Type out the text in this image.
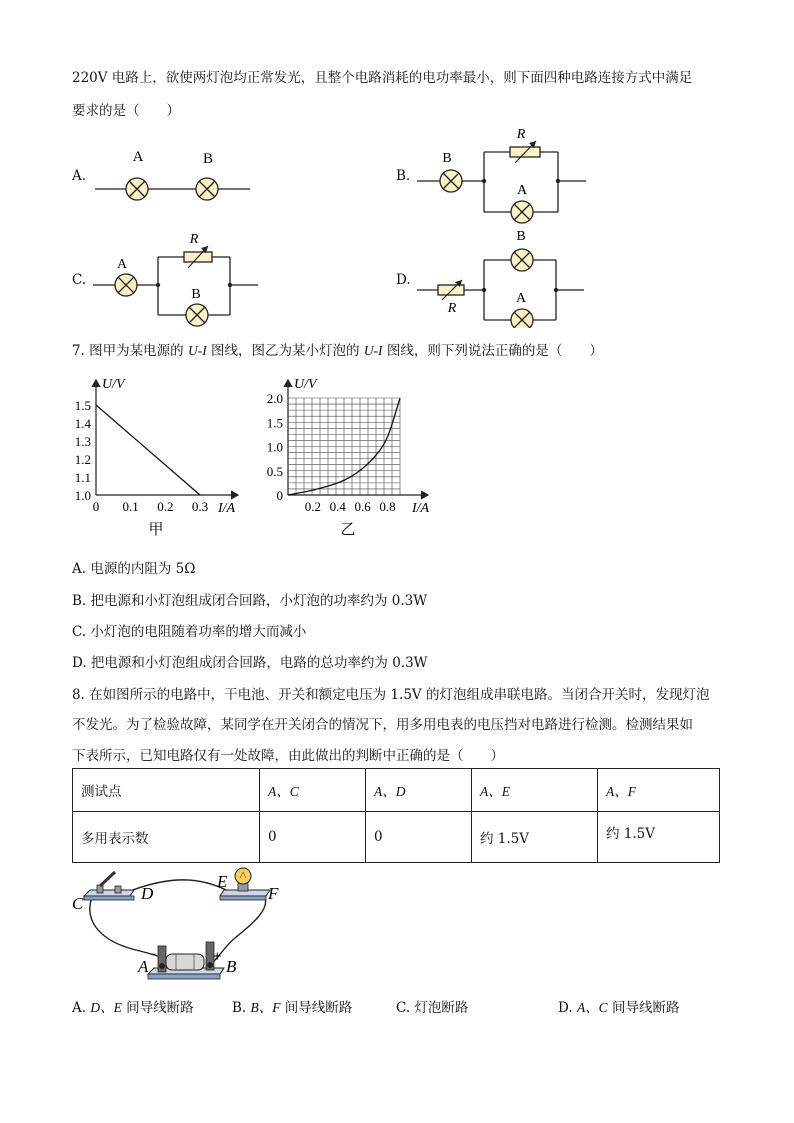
220V 电路上，欲使两灯泡均正常发光，且整个电路消耗的电功率最小，则下面四种电路连接方式中满足
要求的是（　　）
A.
A	B
B.
B
R
A
C.
A
R
B
D.
R
B
A
7. 图甲为某电源的 U-I 图线，图乙为某小灯泡的 U-I 图线，则下列说法正确的是（　　）
1.5
1.4
1.3
1.2
1.1
1.0
0 0.1 0.2 0.3
U/V
I/A
甲
2.0
1.5
1.0
0.5
0
0.2 0.4 0.6 0.8
U/V
I/A
乙
A. 电源的内阻为 5Ω
B. 把电源和小灯泡组成闭合回路，小灯泡的功率约为 0.3W
C. 小灯泡的电阻随着功率的增大而减小
D. 把电源和小灯泡组成闭合回路，电路的总功率约为 0.3W
8. 在如图所示的电路中，干电池、开关和额定电压为 1.5V 的灯泡组成串联电路。当闭合开关时，发现灯泡
不发光。为了检验故障，某同学在开关闭合的情况下，用多用电表的电压挡对电路进行检测。检测结果如
下表所示，已知电路仅有一处故障，由此做出的判断中正确的是（　　）
测试点	A、C	A、D	A、E	A、F
多用表示数	0	0	约 1.5V	约 1.5V
C
D
E
F
A	B
-	+
A. D、E 间导线断路	B. B、F 间导线断路	C. 灯泡断路	D. A、C 间导线断路
